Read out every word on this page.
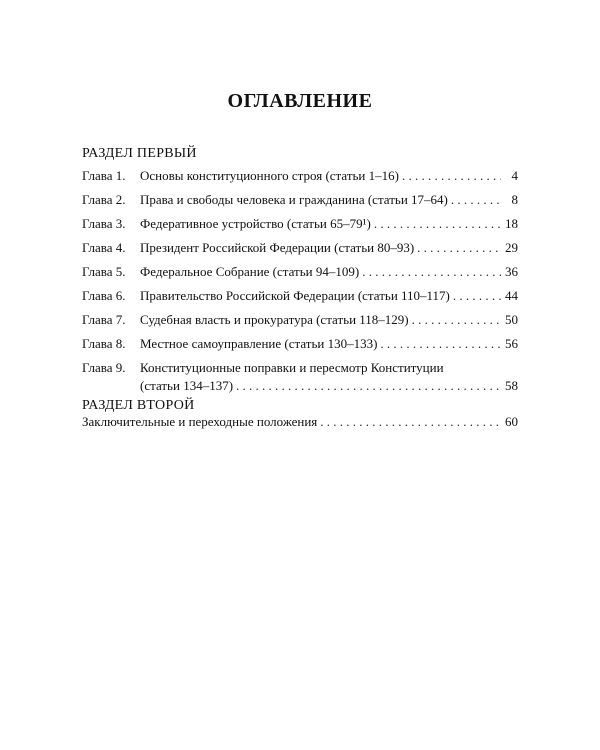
ОГЛАВЛЕНИЕ
РАЗДЕЛ ПЕРВЫЙ
Глава 1.	Основы конституционного строя (статьи 1–16) . . .	4
Глава 2.	Права и свободы человека и гражданина (статьи 17–64) . . .	8
Глава 3.	Федеративное устройство (статьи 65–79¹) . . .	18
Глава 4.	Президент Российской Федерации (статьи 80–93) . . .	29
Глава 5.	Федеральное Собрание (статьи 94–109) . . .	36
Глава 6.	Правительство Российской Федерации (статьи 110–117) . . .	44
Глава 7.	Судебная власть и прокуратура (статьи 118–129) . . .	50
Глава 8.	Местное самоуправление (статьи 130–133) . . .	56
Глава 9.	Конституционные поправки и пересмотр Конституции
(статьи 134–137) . . .	58
РАЗДЕЛ ВТОРОЙ
Заключительные и переходные положения . . .	60
